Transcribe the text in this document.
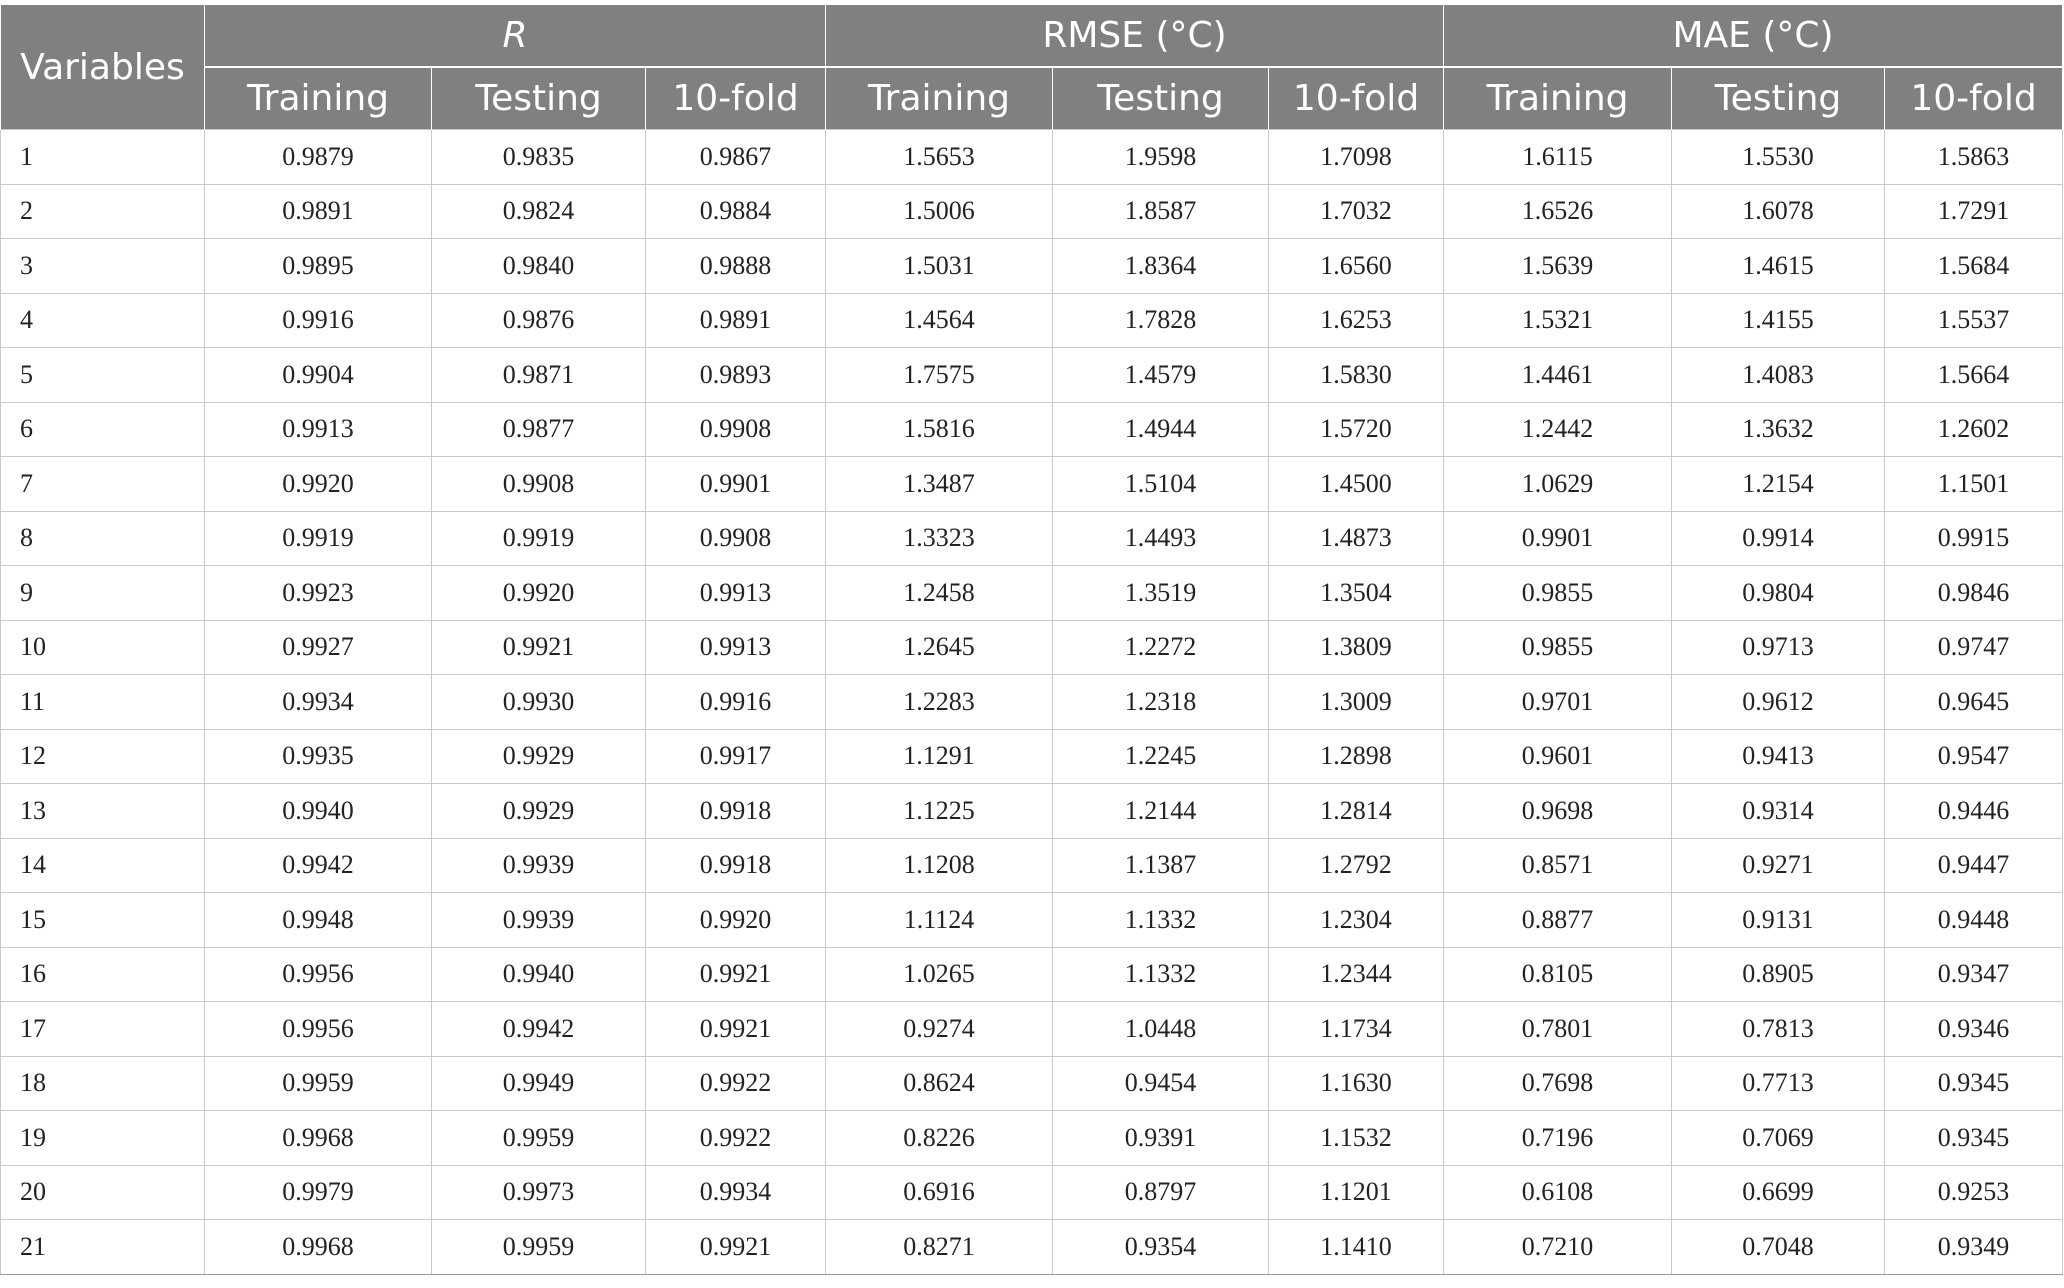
Variables	R			RMSE (°C)			MAE (°C)		
	Training	Testing	10-fold	Training	Testing	10-fold	Training	Testing	10-fold
1	0.9879	0.9835	0.9867	1.5653	1.9598	1.7098	1.6115	1.5530	1.5863
2	0.9891	0.9824	0.9884	1.5006	1.8587	1.7032	1.6526	1.6078	1.7291
3	0.9895	0.9840	0.9888	1.5031	1.8364	1.6560	1.5639	1.4615	1.5684
4	0.9916	0.9876	0.9891	1.4564	1.7828	1.6253	1.5321	1.4155	1.5537
5	0.9904	0.9871	0.9893	1.7575	1.4579	1.5830	1.4461	1.4083	1.5664
6	0.9913	0.9877	0.9908	1.5816	1.4944	1.5720	1.2442	1.3632	1.2602
7	0.9920	0.9908	0.9901	1.3487	1.5104	1.4500	1.0629	1.2154	1.1501
8	0.9919	0.9919	0.9908	1.3323	1.4493	1.4873	0.9901	0.9914	0.9915
9	0.9923	0.9920	0.9913	1.2458	1.3519	1.3504	0.9855	0.9804	0.9846
10	0.9927	0.9921	0.9913	1.2645	1.2272	1.3809	0.9855	0.9713	0.9747
11	0.9934	0.9930	0.9916	1.2283	1.2318	1.3009	0.9701	0.9612	0.9645
12	0.9935	0.9929	0.9917	1.1291	1.2245	1.2898	0.9601	0.9413	0.9547
13	0.9940	0.9929	0.9918	1.1225	1.2144	1.2814	0.9698	0.9314	0.9446
14	0.9942	0.9939	0.9918	1.1208	1.1387	1.2792	0.8571	0.9271	0.9447
15	0.9948	0.9939	0.9920	1.1124	1.1332	1.2304	0.8877	0.9131	0.9448
16	0.9956	0.9940	0.9921	1.0265	1.1332	1.2344	0.8105	0.8905	0.9347
17	0.9956	0.9942	0.9921	0.9274	1.0448	1.1734	0.7801	0.7813	0.9346
18	0.9959	0.9949	0.9922	0.8624	0.9454	1.1630	0.7698	0.7713	0.9345
19	0.9968	0.9959	0.9922	0.8226	0.9391	1.1532	0.7196	0.7069	0.9345
20	0.9979	0.9973	0.9934	0.6916	0.8797	1.1201	0.6108	0.6699	0.9253
21	0.9968	0.9959	0.9921	0.8271	0.9354	1.1410	0.7210	0.7048	0.9349
